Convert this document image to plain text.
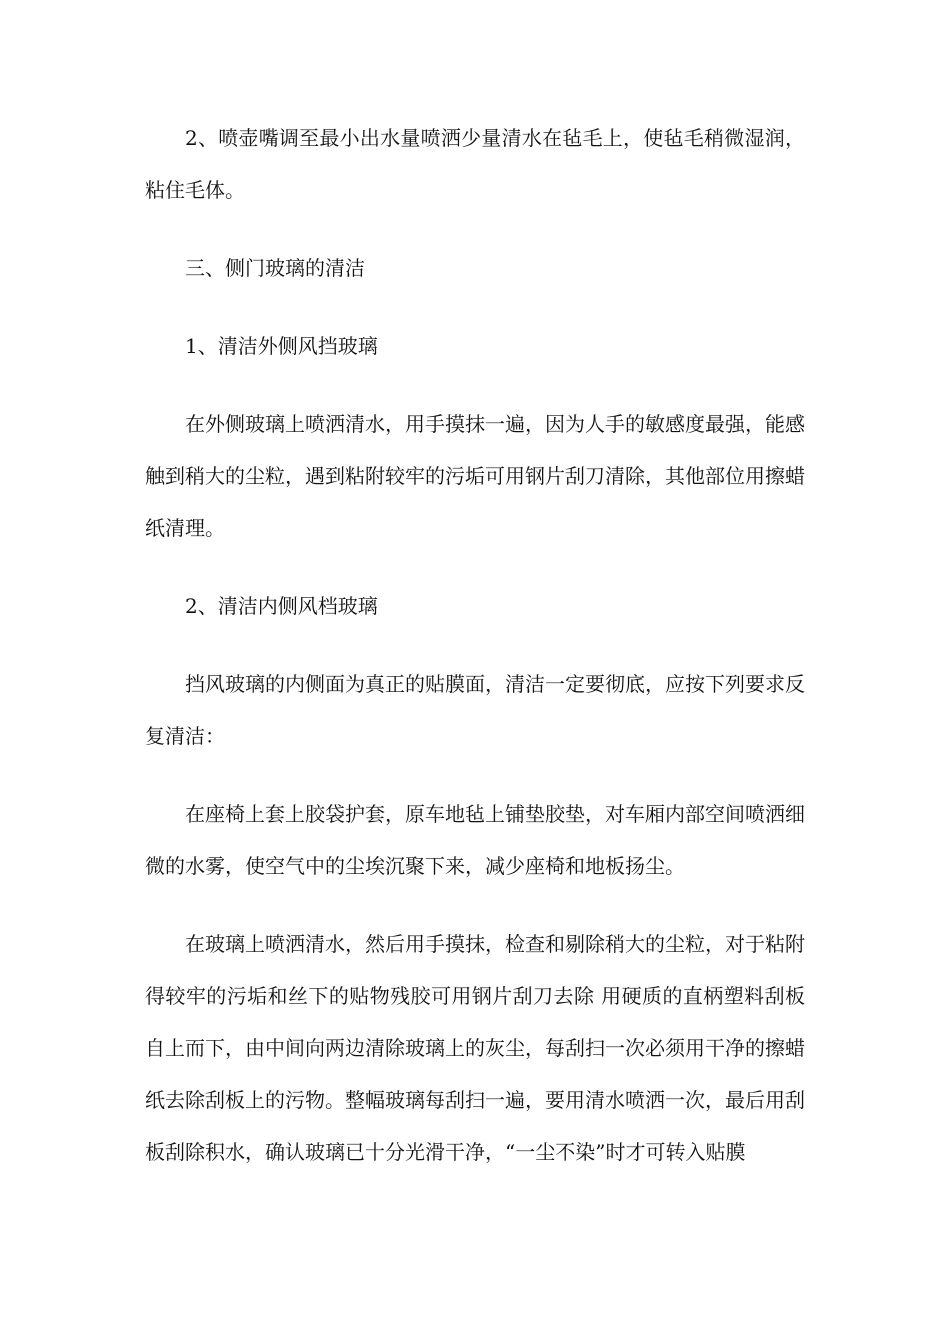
2、喷壶嘴调至最小出水量喷洒少量清水在毡毛上，使毡毛稍微湿润，粘住毛体。

三、侧门玻璃的清洁

1、清洁外侧风挡玻璃

在外侧玻璃上喷洒清水，用手摸抹一遍，因为人手的敏感度最强，能感触到稍大的尘粒，遇到粘附较牢的污垢可用钢片刮刀清除，其他部位用擦蜡纸清理。

2、清洁内侧风档玻璃

挡风玻璃的内侧面为真正的贴膜面，清洁一定要彻底，应按下列要求反复清洁：

在座椅上套上胶袋护套，原车地毡上铺垫胶垫，对车厢内部空间喷洒细微的水雾，使空气中的尘埃沉聚下来，减少座椅和地板扬尘。

在玻璃上喷洒清水，然后用手摸抹，检查和剔除稍大的尘粒，对于粘附得较牢的污垢和丝下的贴物残胶可用钢片刮刀去除 用硬质的直柄塑料刮板自上而下，由中间向两边清除玻璃上的灰尘，每刮扫一次必须用干净的擦蜡纸去除刮板上的污物。整幅玻璃每刮扫一遍，要用清水喷洒一次，最后用刮板刮除积水，确认玻璃已十分光滑干净，“一尘不染”时才可转入贴膜
